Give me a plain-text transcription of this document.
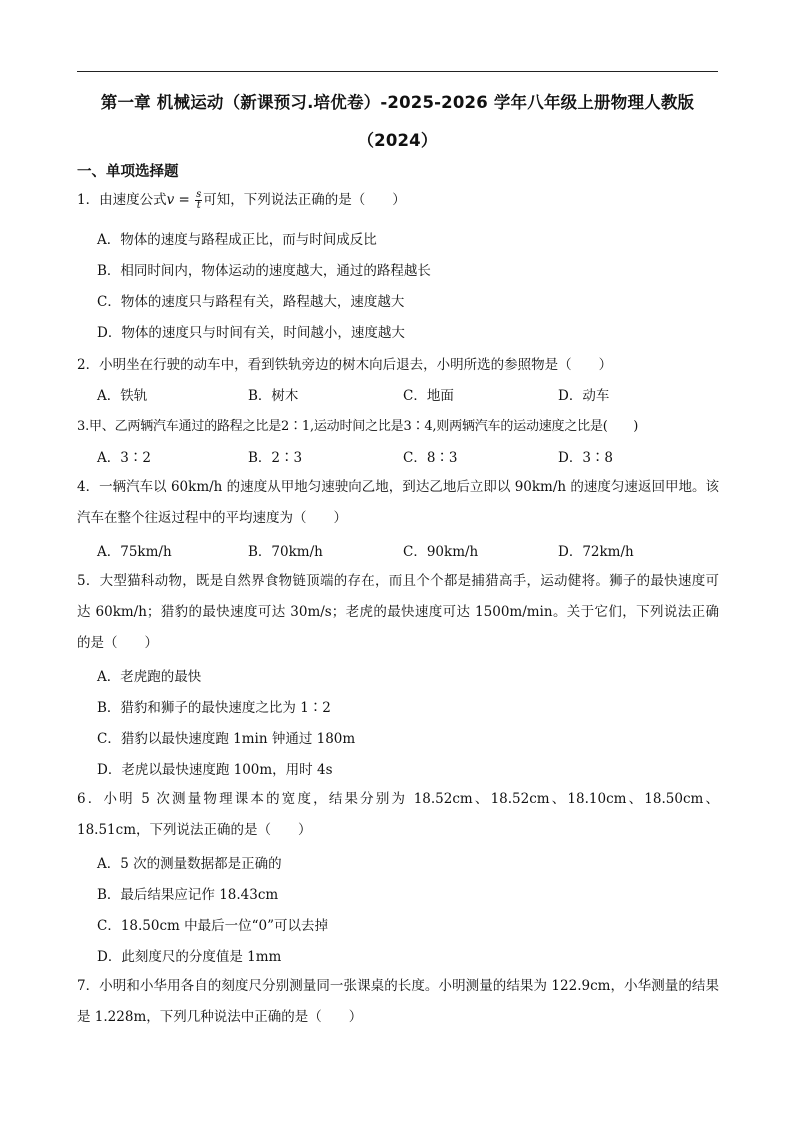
第一章 机械运动（新课预习.培优卷）-2025-2026 学年八年级上册物理人教版（2024）
一、单项选择题
1．由速度公式$v = \frac{s}{t}$ 可知，下列说法正确的是（　　）
A．物体的速度与路程成正比，而与时间成反比
B．相同时间内，物体运动的速度越大，通过的路程越长
C．物体的速度只与路程有关，路程越大，速度越大
D．物体的速度只与时间有关，时间越小，速度越大
2．小明坐在行驶的动车中，看到铁轨旁边的树木向后退去，小明所选的参照物是（　　）
A．铁轨	B．树木	C．地面	D．动车
3.甲、乙两辆汽车通过的路程之比是2∶1,运动时间之比是3∶4,则两辆汽车的运动速度之比是(　　)
A．3∶2	B．2∶3	C．8∶3	D．3∶8
4．一辆汽车以 60km/h 的速度从甲地匀速驶向乙地，到达乙地后立即以 90km/h 的速度匀速返回甲地。该汽车在整个往返过程中的平均速度为（　　）
A．75km/h	B．70km/h	C．90km/h	D．72km/h
5．大型猫科动物，既是自然界食物链顶端的存在，而且个个都是捕猎高手，运动健将。狮子的最快速度可达 60km/h；猎豹的最快速度可达 30m/s；老虎的最快速度可达 1500m/min。关于它们，下列说法正确的是（　　）
A．老虎跑的最快
B．猎豹和狮子的最快速度之比为 1∶2
C．猎豹以最快速度跑 1min 钟通过 180m
D．老虎以最快速度跑 100m，用时 4s
6．小明 5 次测量物理课本的宽度，结果分别为 18.52cm、18.52cm、18.10cm、18.50cm、18.51cm，下列说法正确的是（　　）
A．5 次的测量数据都是正确的
B．最后结果应记作 18.43cm
C．18.50cm 中最后一位“0”可以去掉
D．此刻度尺的分度值是 1mm
7．小明和小华用各自的刻度尺分别测量同一张课桌的长度。小明测量的结果为 122.9cm，小华测量的结果是 1.228m，下列几种说法中正确的是（　　）
